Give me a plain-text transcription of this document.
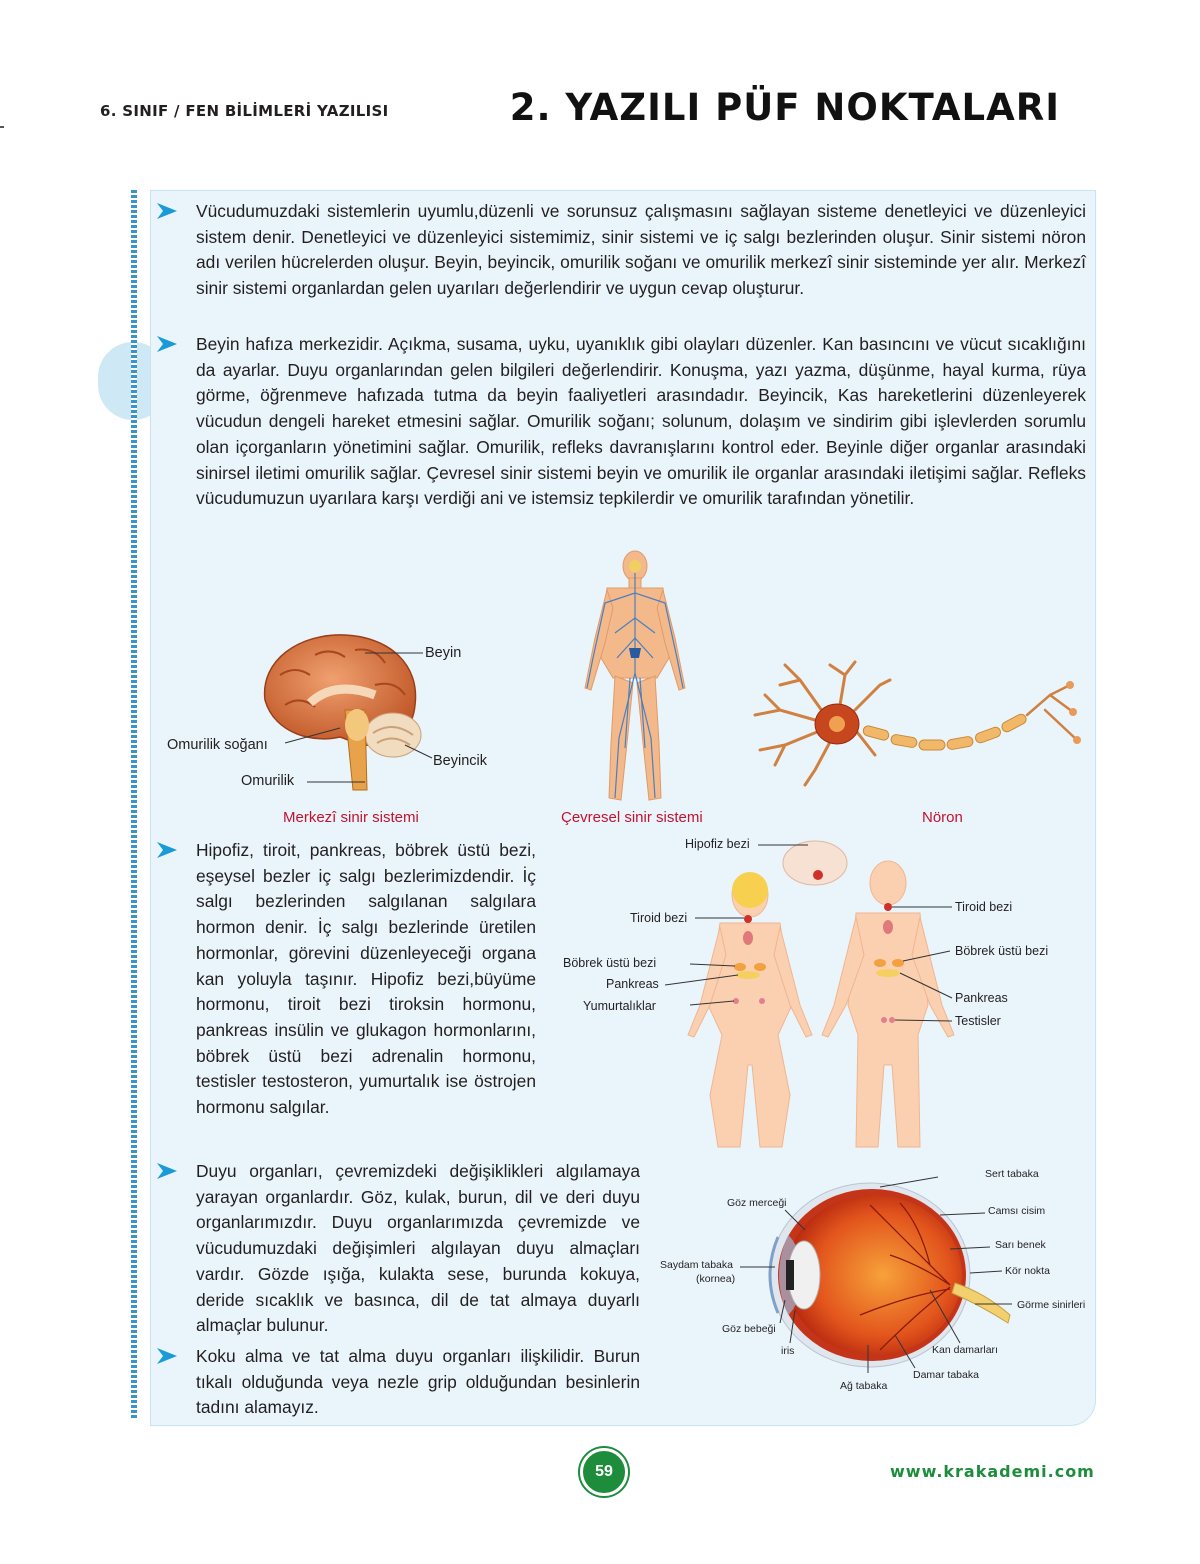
6. SINIF / FEN BİLİMLERİ YAZILISI	2. YAZILI PÜF NOKTALARI
Vücudumuzdaki sistemlerin uyumlu,düzenli ve sorunsuz çalışmasını sağlayan sisteme denetleyici ve düzenleyici sistem denir. Denetleyici ve düzenleyici sistemimiz, sinir sistemi ve iç salgı bezlerinden oluşur. Sinir sistemi nöron adı verilen hücrelerden oluşur. Beyin, beyincik, omurilik soğanı ve omurilik merkezî sinir sisteminde yer alır. Merkezî sinir sistemi organlardan gelen uyarıları değerlendirir ve uygun cevap oluşturur.
Beyin hafıza merkezidir. Açıkma, susama, uyku, uyanıklık gibi olayları düzenler. Kan basıncını ve vücut sıcaklığını da ayarlar. Duyu organlarından gelen bilgileri değerlendirir. Konuşma, yazı yazma, düşünme, hayal kurma, rüya görme, öğrenmeve hafızada tutma da beyin faaliyetleri arasındadır. Beyincik, Kas hareketlerini düzenleyerek vücudun dengeli hareket etmesini sağlar. Omurilik soğanı; solunum, dolaşım ve sindirim gibi işlevlerden sorumlu olan içorganların yönetimini sağlar. Omurilik, refleks davranışlarını kontrol eder. Beyinle diğer organlar arasındaki sinirsel iletimi omurilik sağlar. Çevresel sinir sistemi beyin ve omurilik ile organlar arasındaki iletişimi sağlar. Refleks vücudumuzun uyarılara karşı verdiği ani ve istemsiz tepkilerdir ve omurilik tarafından yönetilir.
Hipofiz, tiroit, pankreas, böbrek üstü bezi, eşeysel bezler iç salgı bezlerimizdendir. İç salgı bezlerinden salgılanan salgılara hormon denir. İç salgı bezlerinde üretilen hormonlar, görevini düzenleyeceği organa kan yoluyla taşınır. Hipofiz bezi,büyüme hormonu, tiroit bezi tiroksin hormonu, pankreas insülin ve glukagon hormonlarını, böbrek üstü bezi adrenalin hormonu, testisler testosteron, yumurtalık ise östrojen hormonu salgılar.
Duyu organları, çevremizdeki değişiklikleri algılamaya yarayan organlardır. Göz, kulak, burun, dil ve deri duyu organlarımızdır. Duyu organlarımızda çevremizde ve vücudumuzdaki değişimleri algılayan duyu almaçları vardır. Gözde ışığa, kulakta sese, burunda kokuya, deride sıcaklık ve basınca, dil de tat almaya duyarlı almaçlar bulunur.
Koku alma ve tat alma duyu organları ilişkilidir. Burun tıkalı olduğunda veya nezle grip olduğundan besinlerin tadını alamayız.
Beyin
Omurilik soğanı
Beyincik
Omurilik
Merkezî sinir sistemi	Çevresel sinir sistemi	Nöron
Hipofiz bezi
Tiroid bezi
Böbrek üstü bezi
Pankreas
Yumurtalıklar
Tiroid bezi
Böbrek üstü bezi
Pankreas
Testisler
Sert tabaka
Camsı cisim
Sarı benek
Kör nokta
Görme sinirleri
Kan damarları
Damar tabaka
Ağ tabaka
iris
Göz bebeği
Saydam tabaka
(kornea)
Göz merceği
59	www.krakademi.com
